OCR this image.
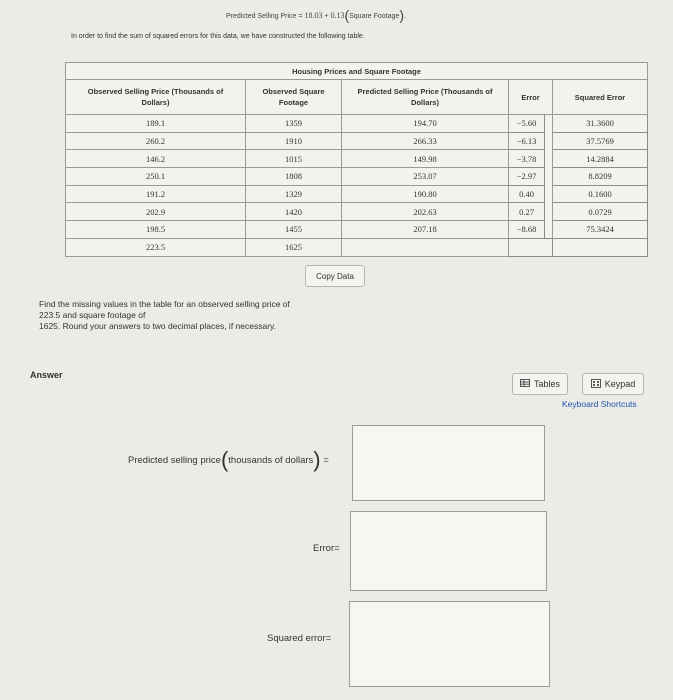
Predicted Selling Price = 18.03 + 0.13(Square Footage).
In order to find the sum of squared errors for this data, we have constructed the following table.
Housing Prices and Square Footage					
Observed Selling Price (Thousands of Dollars)	Observed Square Footage	Predicted Selling Price (Thousands of Dollars)	Error		Squared Error
189.1	1359	194.70	−5.60		31.3600
260.2	1910	266.33	−6.13		37.5769
146.2	1015	149.98	−3.78		14.2884
250.1	1808	253.07	−2.97		8.8209
191.2	1329	190.80	0.40		0.1600
202.9	1420	202.63	0.27		0.0729
198.5	1455	207.18	−8.68		75.3424
223.5	1625				
Copy Data
Find the missing values in the table for an observed selling price of
223.5 and square footage of
1625. Round your answers to two decimal places, if necessary.
Answer
Tables	Keypad
Keyboard Shortcuts
Predicted selling price(thousands of dollars) =
Error=
Squared error=
